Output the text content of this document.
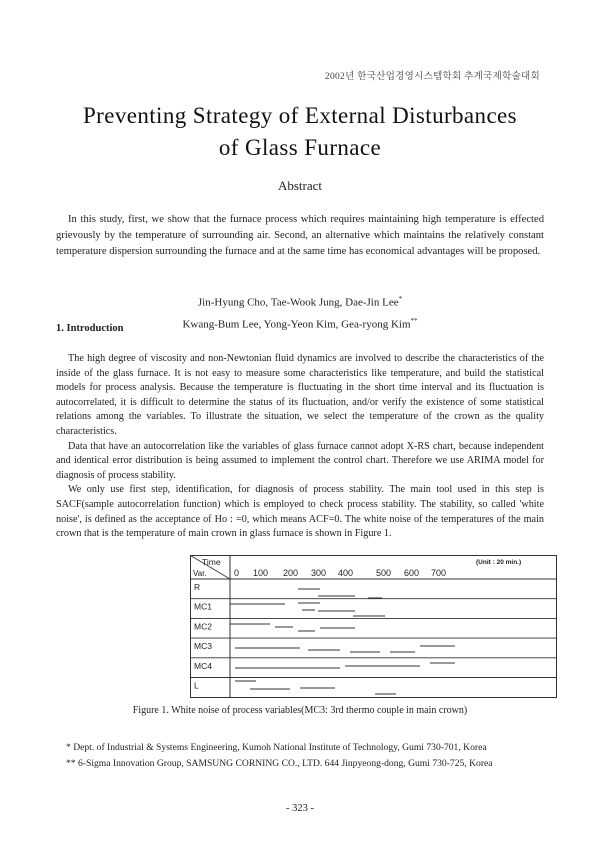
2002년 한국산업경영시스템학회 추계국제학술대회
Preventing Strategy of External Disturbances
of Glass Furnace
Abstract
In this study, first, we show that the furnace process which requires maintaining high temperature is effected grievously by the temperature of surrounding air. Second, an alternative which maintains the relatively constant temperature dispersion surrounding the furnace and at the same time has economical advantages will be proposed.
Jin-Hyung Cho, Tae-Wook Jung, Dae-Jin Lee*
Kwang-Bum Lee, Yong-Yeon Kim, Gea-ryong Kim**
1. Introduction

The high degree of viscosity and non-Newtonian fluid dynamics are involved to describe the characteristics of the inside of the glass furnace. It is not easy to measure some characteristics like temperature, and build the statistical models for process analysis. Because the temperature is fluctuating in the short time interval and its fluctuation is autocorrelated, it is difficult to determine the status of its fluctuation, and/or verify the existence of some statistical relations among the variables. To illustrate the situation, we select the temperature of the crown as the quality characteristics.

Data that have an autocorrelation like the variables of glass furnace cannot adopt X-RS chart, because independent and identical error distribution is being assumed to implement the control chart. Therefore we use ARIMA model for diagnosis of process stability.

We only use first step, identification, for diagnosis of process stability. The main tool used in this step is SACF(sample autocorrelation function) which is employed to check process stability. The stability, so called 'white noise', is defined as the acceptance of Ho : =0, which means ACF=0. The white noise of the temperatures of the main crown that is the temperature of main crown in glass furnace is shown in Figure 1.

Time
Var.
(Unit : 20 min.)
0 100 200 300 400	500 600 700
R
MC1
MC2
MC3
MC4
L
Figure 1. White noise of process variables(MC3: 3rd thermo couple in main crown)
* Dept. of Industrial & Systems Engineering, Kumoh National Institute of Technology, Gumi 730-701, Korea
** 6-Sigma Innovation Group, SAMSUNG CORNING CO., LTD. 644 Jinpyeong-dong, Gumi 730-725, Korea
- 323 -
